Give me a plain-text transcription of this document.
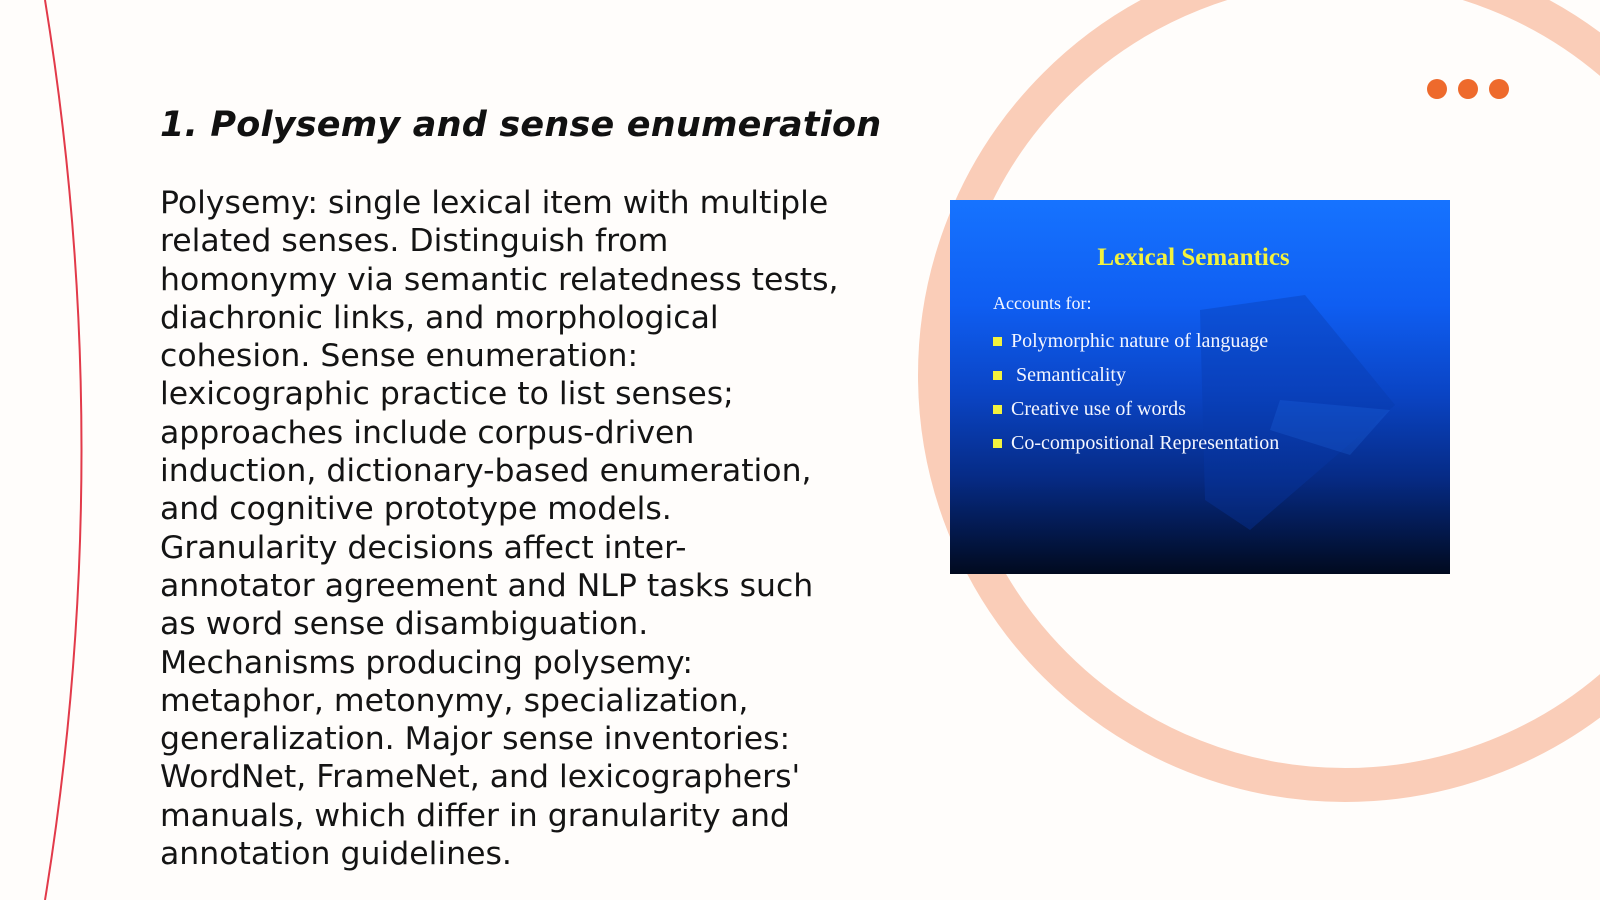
1. Polysemy and sense enumeration

Polysemy: single lexical item with multiple related senses. Distinguish from homonymy via semantic relatedness tests, diachronic links, and morphological cohesion. Sense enumeration: lexicographic practice to list senses; approaches include corpus-driven induction, dictionary-based enumeration, and cognitive prototype models. Granularity decisions affect inter-annotator agreement and NLP tasks such as word sense disambiguation. Mechanisms producing polysemy: metaphor, metonymy, specialization, generalization. Major sense inventories: WordNet, FrameNet, and lexicographers' manuals, which differ in granularity and annotation guidelines.

Lexical Semantics
Accounts for:
Polymorphic nature of language
Semanticality
Creative use of words
Co-compositional Representation
